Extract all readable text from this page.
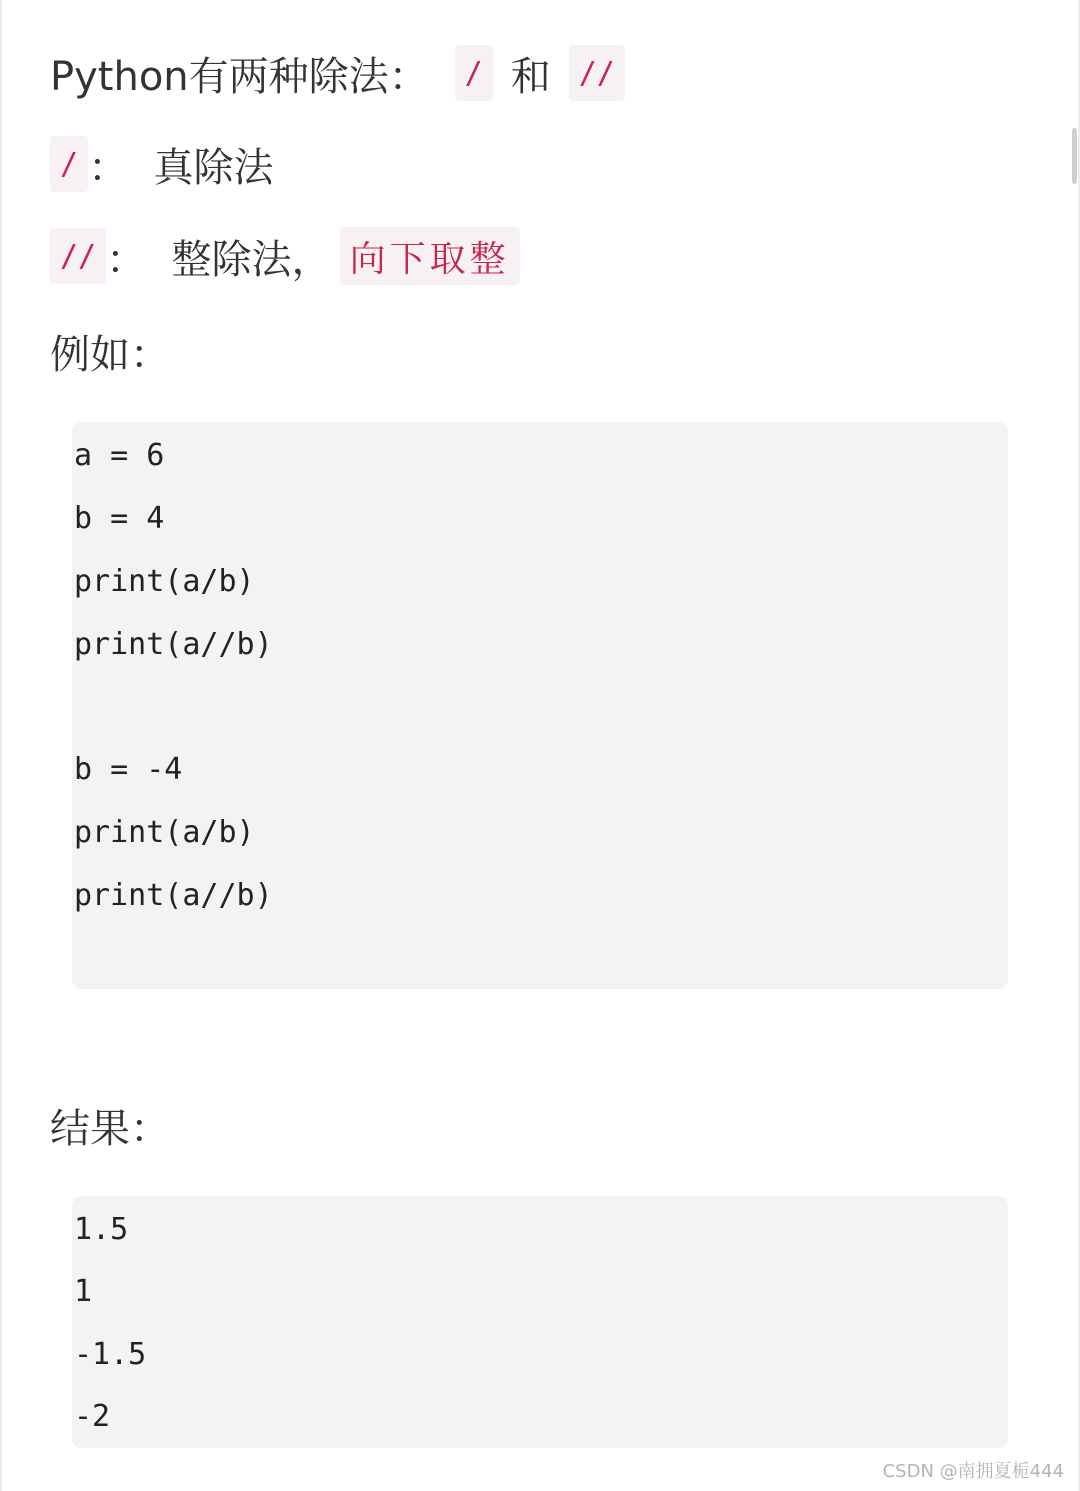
Python有两种除法：	/ 和 //
/ ：  真除法
// ：  整除法， 向下取整
例如：
a = 6
b = 4
print(a/b)
print(a//b)
b = -4
print(a/b)
print(a//b)
结果：
1.5
1
-1.5
-2
CSDN @南拥夏栀444
